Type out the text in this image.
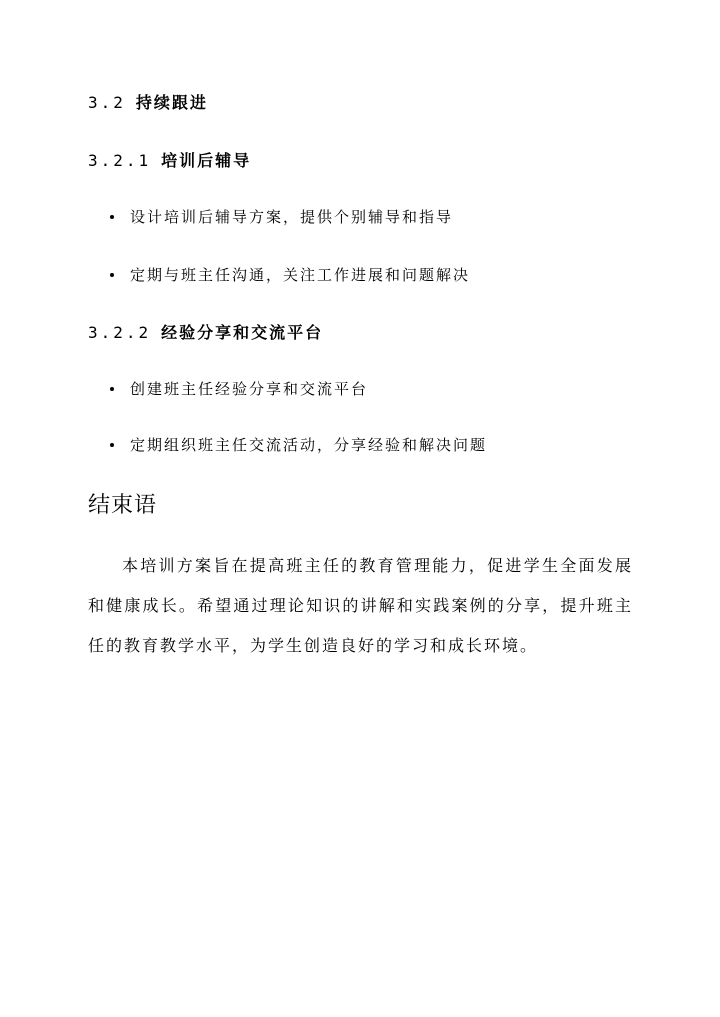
3.2 持续跟进
3.2.1 培训后辅导
设计培训后辅导方案，提供个别辅导和指导
定期与班主任沟通，关注工作进展和问题解决
3.2.2 经验分享和交流平台
创建班主任经验分享和交流平台
定期组织班主任交流活动，分享经验和解决问题
结束语
本培训方案旨在提高班主任的教育管理能力，促进学生全面发展和健康成长。希望通过理论知识的讲解和实践案例的分享，提升班主任的教育教学水平，为学生创造良好的学习和成长环境。
